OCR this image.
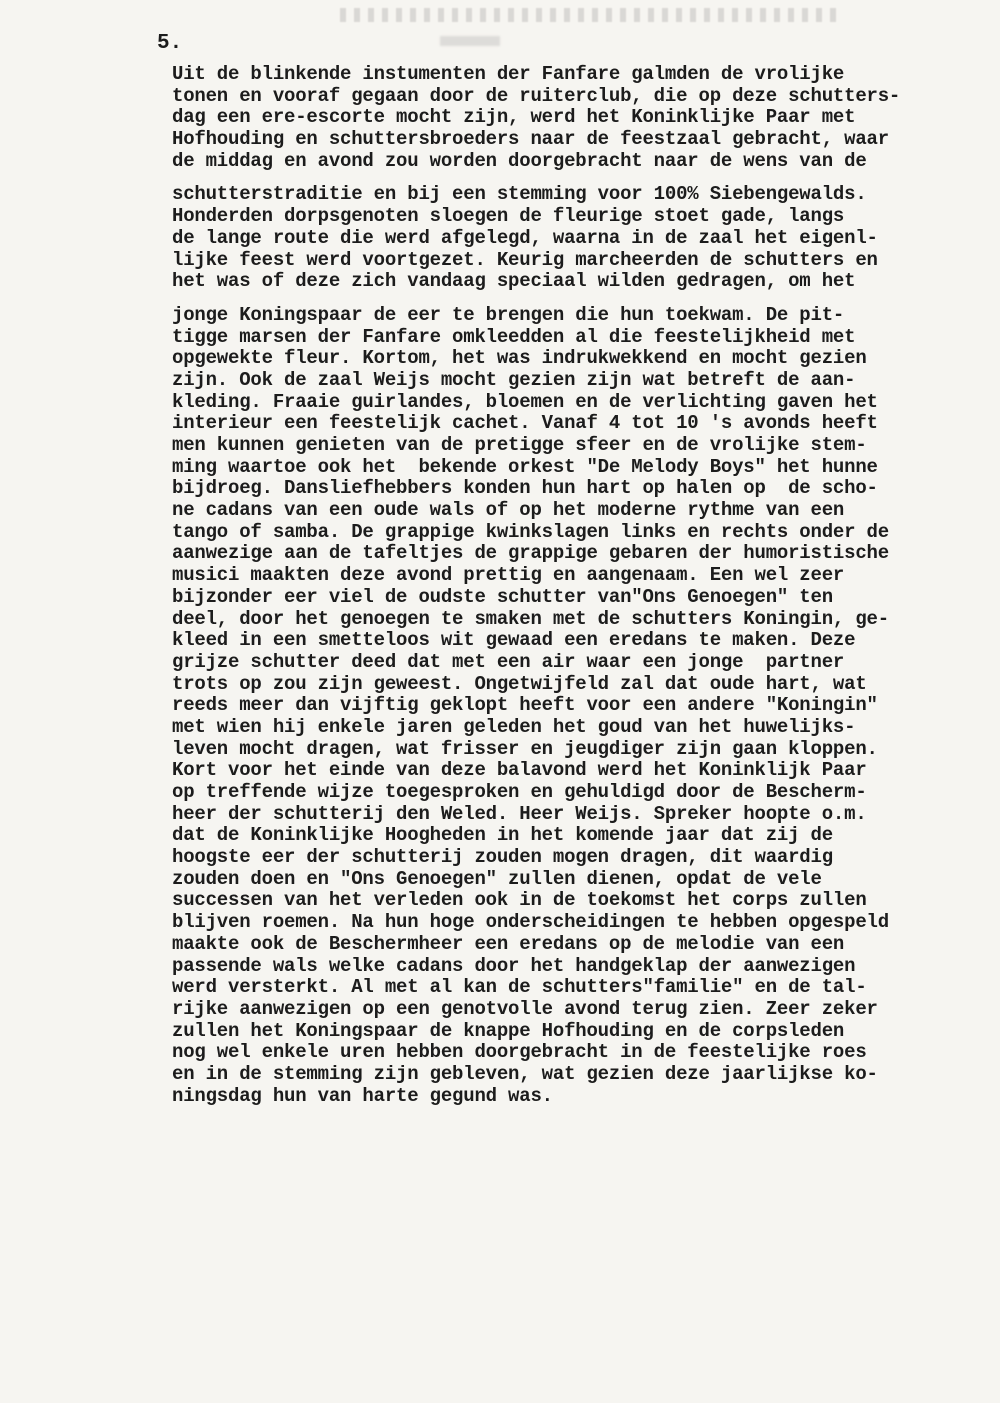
5.
Uit de blinkende instumenten der Fanfare galmden de vrolijke
tonen en vooraf gegaan door de ruiterclub, die op deze schutters-
dag een ere-escorte mocht zijn, werd het Koninklijke Paar met
Hofhouding en schuttersbroeders naar de feestzaal gebracht, waar
de middag en avond zou worden doorgebracht naar de wens van de
schutterstraditie en bij een stemming voor 100% Siebengewalds.
Honderden dorpsgenoten sloegen de fleurige stoet gade, langs
de lange route die werd afgelegd, waarna in de zaal het eigenl-
lijke feest werd voortgezet. Keurig marcheerden de schutters en
het was of deze zich vandaag speciaal wilden gedragen, om het
jonge Koningspaar de eer te brengen die hun toekwam. De pit-
tigge marsen der Fanfare omkleedden al die feestelijkheid met
opgewekte fleur. Kortom, het was indrukwekkend en mocht gezien
zijn. Ook de zaal Weijs mocht gezien zijn wat betreft de aan-
kleding. Fraaie guirlandes, bloemen en de verlichting gaven het
interieur een feestelijk cachet. Vanaf 4 tot 10 's avonds heeft
men kunnen genieten van de pretigge sfeer en de vrolijke stem-
ming waartoe ook het  bekende orkest "De Melody Boys" het hunne
bijdroeg. Dansliefhebbers konden hun hart op halen op  de scho-
ne cadans van een oude wals of op het moderne rythme van een
tango of samba. De grappige kwinkslagen links en rechts onder de
aanwezige aan de tafeltjes de grappige gebaren der humoristische
musici maakten deze avond prettig en aangenaam. Een wel zeer
bijzonder eer viel de oudste schutter van"Ons Genoegen" ten
deel, door het genoegen te smaken met de schutters Koningin, ge-
kleed in een smetteloos wit gewaad een eredans te maken. Deze
grijze schutter deed dat met een air waar een jonge  partner
trots op zou zijn geweest. Ongetwijfeld zal dat oude hart, wat
reeds meer dan vijftig geklopt heeft voor een andere "Koningin"
met wien hij enkele jaren geleden het goud van het huwelijks-
leven mocht dragen, wat frisser en jeugdiger zijn gaan kloppen.
Kort voor het einde van deze balavond werd het Koninklijk Paar
op treffende wijze toegesproken en gehuldigd door de Bescherm-
heer der schutterij den Weled. Heer Weijs. Spreker hoopte o.m.
dat de Koninklijke Hoogheden in het komende jaar dat zij de
hoogste eer der schutterij zouden mogen dragen, dit waardig
zouden doen en "Ons Genoegen" zullen dienen, opdat de vele
successen van het verleden ook in de toekomst het corps zullen
blijven roemen. Na hun hoge onderscheidingen te hebben opgespeld
maakte ook de Beschermheer een eredans op de melodie van een
passende wals welke cadans door het handgeklap der aanwezigen
werd versterkt. Al met al kan de schutters"familie" en de tal-
rijke aanwezigen op een genotvolle avond terug zien. Zeer zeker
zullen het Koningspaar de knappe Hofhouding en de corpsleden
nog wel enkele uren hebben doorgebracht in de feestelijke roes
en in de stemming zijn gebleven, wat gezien deze jaarlijkse ko-
ningsdag hun van harte gegund was.
